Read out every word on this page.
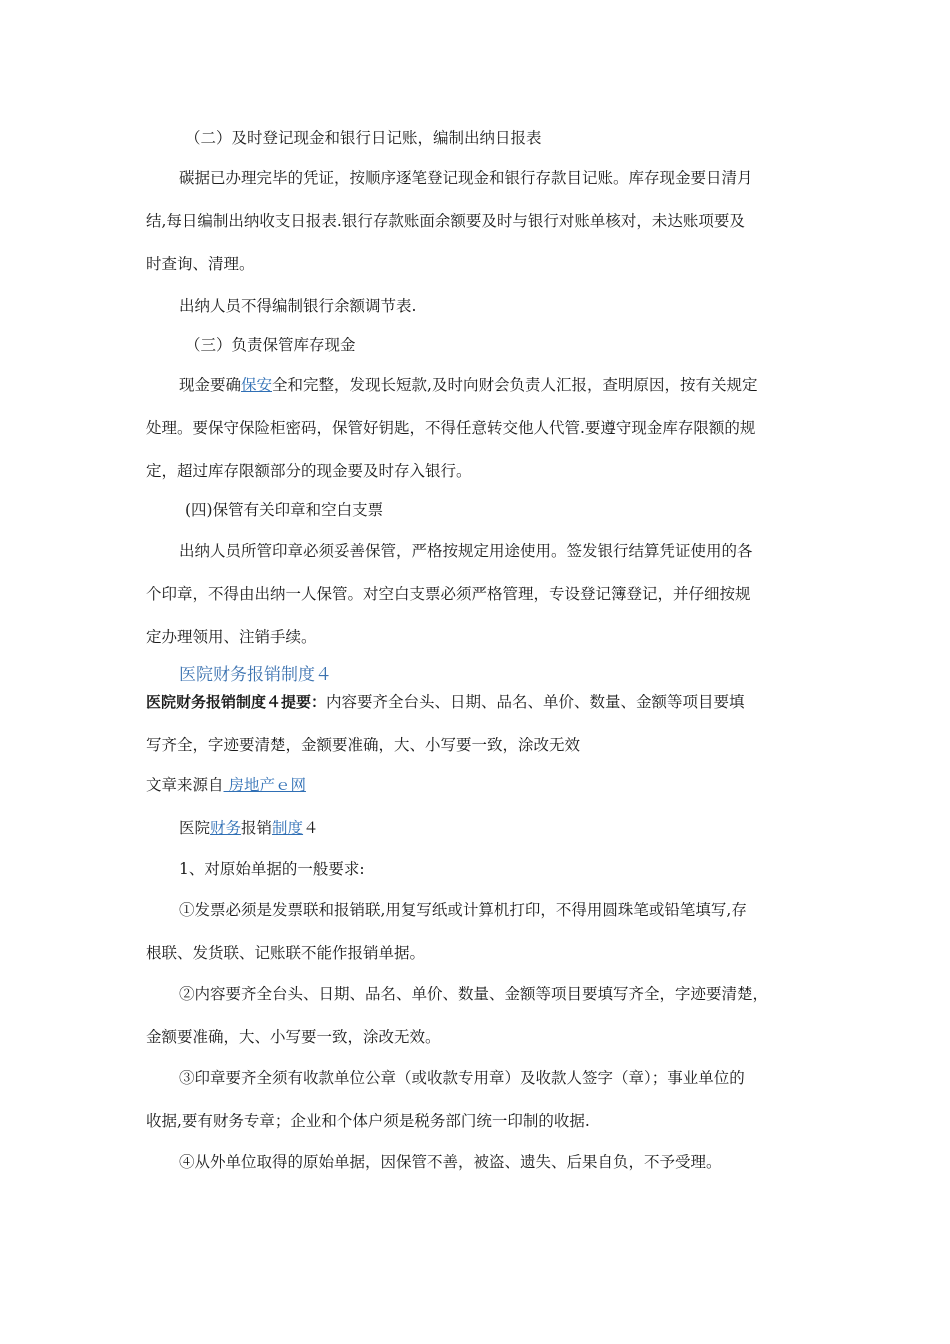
（二）及时登记现金和银行日记账，编制出纳日报表
碳据已办理完毕的凭证，按顺序逐笔登记现金和银行存款目记账。库存现金要日清月
结,每日编制出纳收支日报表.银行存款账面余额要及时与银行对账单核对，未达账项要及
时查询、清理。
出纳人员不得编制银行余额调节表.
（三）负责保管库存现金
现金要确保安全和完整，发现长短款,及时向财会负责人汇报，查明原因，按有关规定
处理。要保守保险柜密码，保管好钥匙，不得任意转交他人代管.要遵守现金库存限额的规
定，超过库存限额部分的现金要及时存入银行。
(四)保管有关印章和空白支票
出纳人员所管印章必须妥善保管，严格按规定用途使用。签发银行结算凭证使用的各
个印章，不得由出纳一人保管。对空白支票必须严格管理，专设登记簿登记，并仔细按规
定办理领用、注销手续。
医院财务报销制度４
医院财务报销制度４提要：内容要齐全台头、日期、品名、单价、数量、金额等项目要填
写齐全，字迹要清楚，金额要准确，大、小写要一致，涂改无效
文章来源自 房地产ｅ网
医院财务报销制度４
1、对原始单据的一般要求:
①发票必须是发票联和报销联,用复写纸或计算机打印，不得用圆珠笔或铅笔填写,存
根联、发货联、记账联不能作报销单据。
②内容要齐全台头、日期、品名、单价、数量、金额等项目要填写齐全，字迹要清楚，
金额要准确，大、小写要一致，涂改无效。
③印章要齐全须有收款单位公章（或收款专用章）及收款人签字（章）；事业单位的
收据,要有财务专章；企业和个体户须是税务部门统一印制的收据.
④从外单位取得的原始单据，因保管不善，被盗、遗失、后果自负，不予受理。
